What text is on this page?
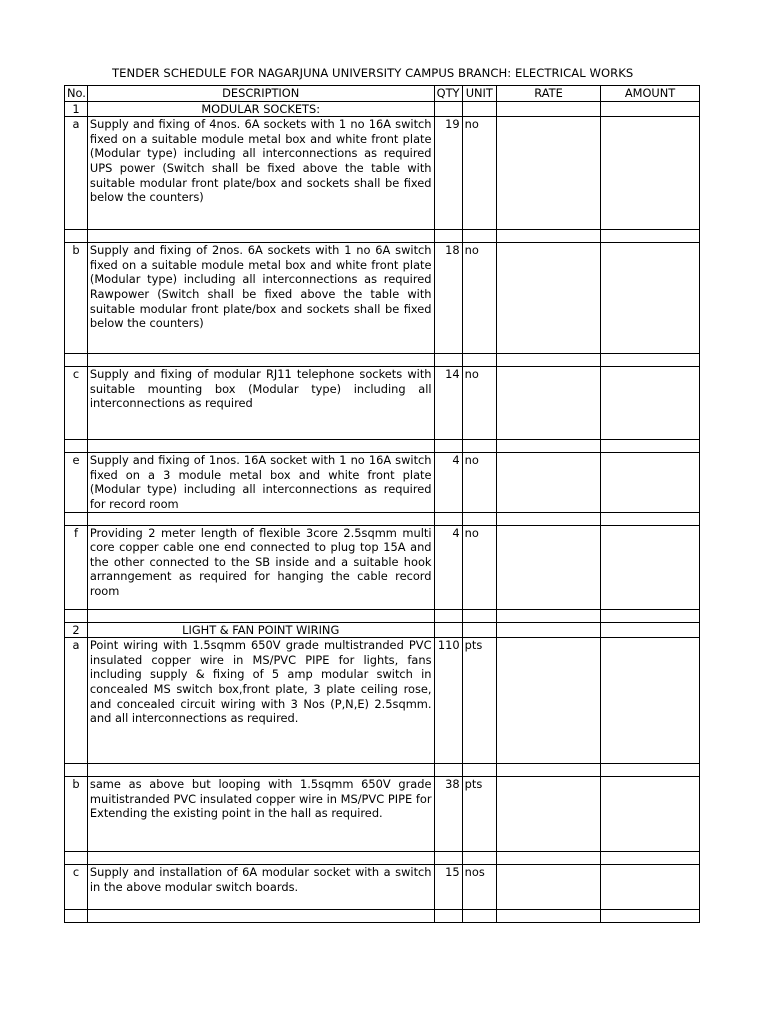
TENDER SCHEDULE FOR NAGARJUNA UNIVERSITY CAMPUS BRANCH: ELECTRICAL WORKS
No.	DESCRIPTION	QTY	UNIT	RATE	AMOUNT
1	MODULAR SOCKETS:				
a	Supply and fixing of 4nos. 6A sockets with 1 no 16A switch fixed on a suitable module metal box and white front plate (Modular type) including all interconnections as required UPS power (Switch shall be fixed above the table with suitable modular front plate/box and sockets shall be fixed below the counters)	19	no		

b	Supply and fixing of 2nos. 6A sockets with 1 no 6A switch fixed on a suitable module metal box and white front plate (Modular type) including all interconnections as required Rawpower (Switch shall be fixed above the table with suitable modular front plate/box and sockets shall be fixed below the counters)	18	no		

c	Supply and fixing of modular RJ11 telephone sockets with suitable mounting box (Modular type) including all interconnections as required	14	no		

e	Supply and fixing of 1nos. 16A socket with 1 no 16A switch fixed on a 3 module metal box and white front plate (Modular type) including all interconnections as required for record room	4	no		

f	Providing 2 meter length of flexible 3core 2.5sqmm multi core copper cable one end connected to plug top 15A and the other connected to the SB inside and a suitable hook arranngement as required for hanging the cable record room	4	no		

2	LIGHT & FAN POINT WIRING				
a	Point wiring with 1.5sqmm 650V grade multistranded PVC insulated copper wire in MS/PVC PIPE for lights, fans including supply & fixing of 5 amp modular switch in concealed MS switch box,front plate, 3 plate ceiling rose, and concealed circuit wiring with 3 Nos (P,N,E) 2.5sqmm. and all interconnections as required.	110	pts		

b	same as above but looping with 1.5sqmm 650V grade muitistranded PVC insulated copper wire in MS/PVC PIPE for Extending the existing point in the hall as required.	38	pts		

c	Supply and installation of 6A modular socket with a switch in the above modular switch boards.	15	nos		
